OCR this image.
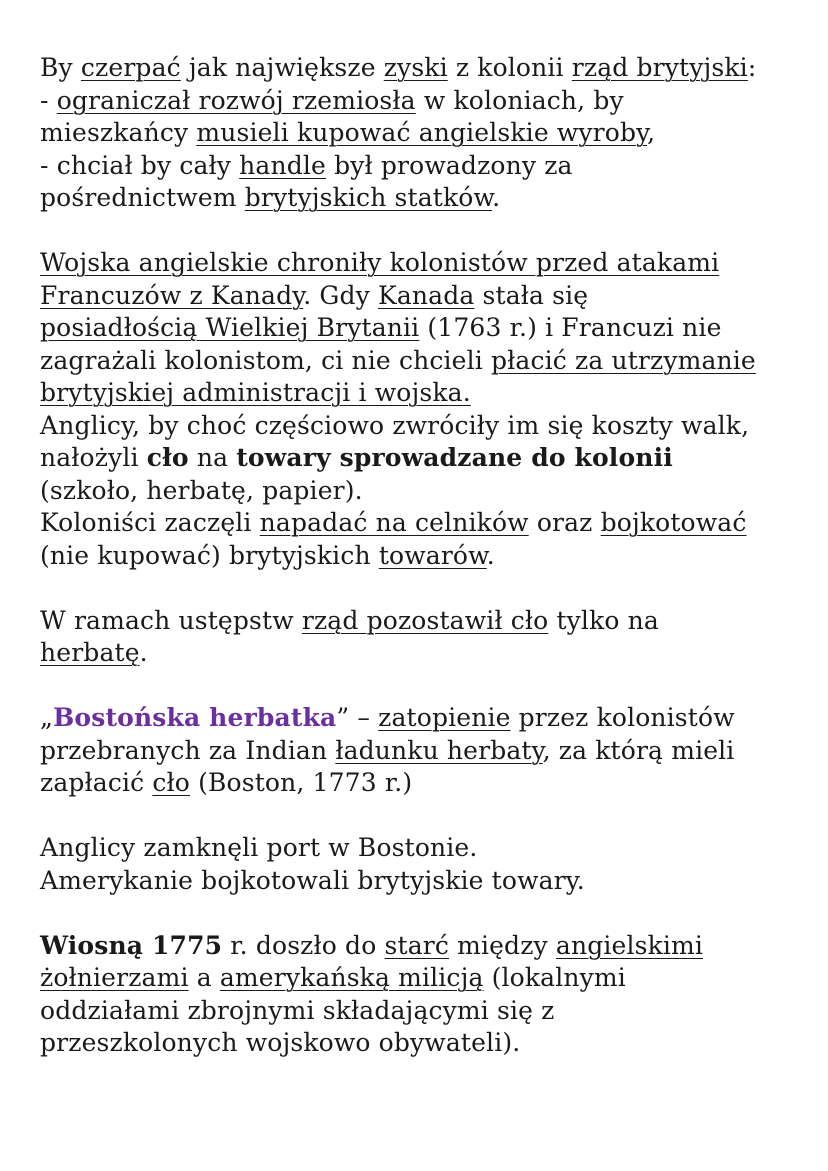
By czerpać jak największe zyski z kolonii rząd brytyjski:

- ograniczał rozwój rzemiosła w koloniach, by

mieszkańcy musieli kupować angielskie wyroby,

- chciał by cały handle był prowadzony za

pośrednictwem brytyjskich statków.

Wojska angielskie chroniły kolonistów przed atakami

Francuzów z Kanady. Gdy Kanada stała się

posiadłością Wielkiej Brytanii (1763 r.) i Francuzi nie

zagrażali kolonistom, ci nie chcieli płacić za utrzymanie

brytyjskiej administracji i wojska.

Anglicy, by choć częściowo zwróciły im się koszty walk,

nałożyli cło na towary sprowadzane do kolonii

(szkoło, herbatę, papier).

Koloniści zaczęli napadać na celników oraz bojkotować

(nie kupować) brytyjskich towarów.

W ramach ustępstw rząd pozostawił cło tylko na

herbatę.

„Bostońska herbatka” – zatopienie przez kolonistów

przebranych za Indian ładunku herbaty, za którą mieli

zapłacić cło (Boston, 1773 r.)

Anglicy zamknęli port w Bostonie.

Amerykanie bojkotowali brytyjskie towary.

Wiosną 1775 r. doszło do starć między angielskimi

żołnierzami a amerykańską milicją (lokalnymi

oddziałami zbrojnymi składającymi się z

przeszkolonych wojskowo obywateli).
